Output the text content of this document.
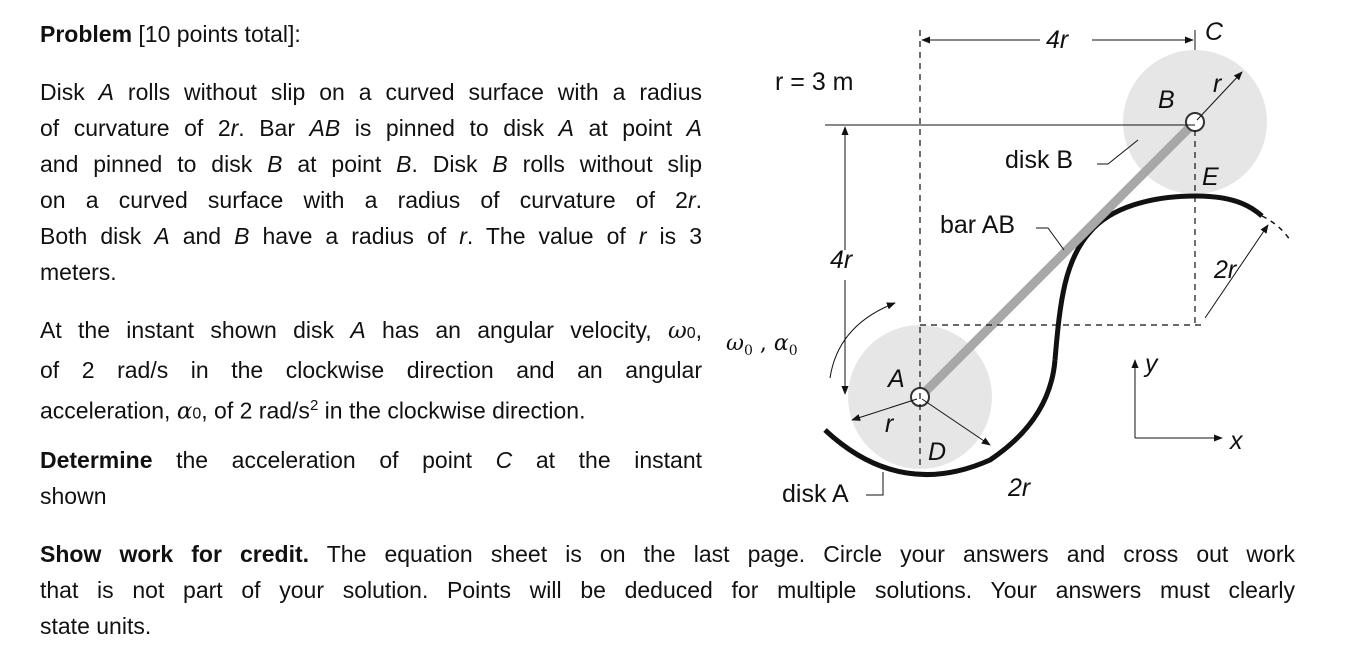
Problem [10 points total]:
Disk A rolls without slip on a curved surface with a radius
of curvature of 2r. Bar AB is pinned to disk A at point A
and pinned to disk B at point B. Disk B rolls without slip
on a curved surface with a radius of curvature of 2r.
Both disk A and B have a radius of r. The value of r is 3
meters.
At the instant shown disk A has an angular velocity, ω0,
of 2 rad/s in the clockwise direction and an angular
acceleration, α0, of 2 rad/$s^2$ in the clockwise direction.
Determine the acceleration of point C at the instant
shown
Show work for credit. The equation sheet is on the last page. Circle your answers and cross out work
that is not part of your solution. Points will be deduced for multiple solutions. Your answers must clearly
state units.
4r
4r
r = 3 m
C
B
r
E
disk B
bar AB
2r
2r
A
r
D
disk A
$\omega_0$ , $\alpha_0$	y
x
